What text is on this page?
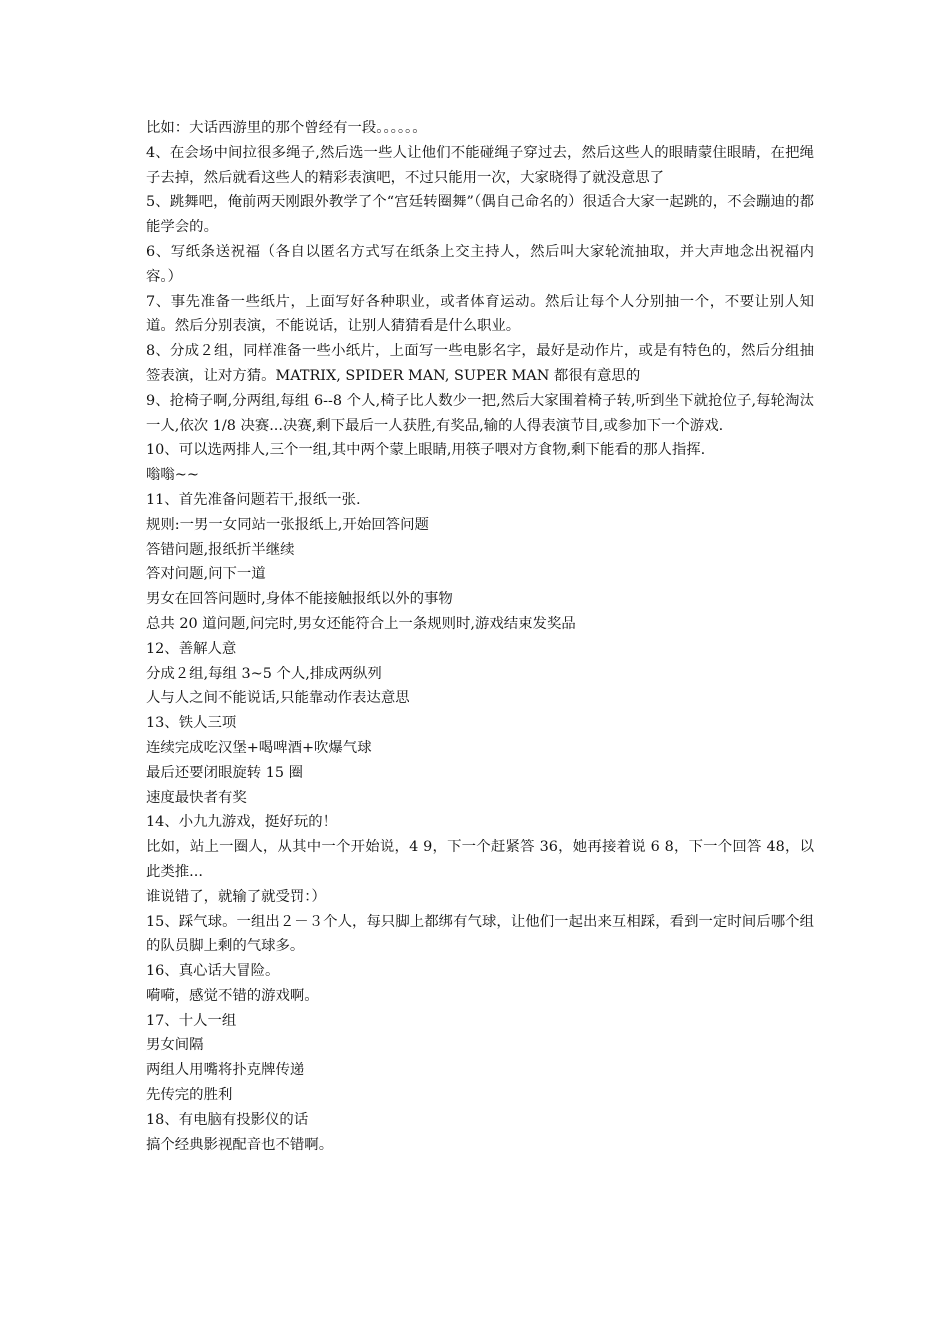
比如：大话西游里的那个曾经有一段。。。。。。

4、在会场中间拉很多绳子,然后选一些人让他们不能碰绳子穿过去，然后这些人的眼睛蒙住眼睛，在把绳子去掉，然后就看这些人的精彩表演吧，不过只能用一次，大家晓得了就没意思了

5、跳舞吧，俺前两天刚跟外教学了个“宫廷转圈舞”（偶自己命名的）很适合大家一起跳的，不会蹦迪的都能学会的。

6、写纸条送祝福（各自以匿名方式写在纸条上交主持人，然后叫大家轮流抽取，并大声地念出祝福内容。）

7、事先准备一些纸片，上面写好各种职业，或者体育运动。然后让每个人分别抽一个，不要让别人知道。然后分别表演，不能说话，让别人猜猜看是什么职业。

8、分成２组，同样准备一些小纸片，上面写一些电影名字，最好是动作片，或是有特色的，然后分组抽签表演，让对方猜。MATRIX, SPIDER MAN, SUPER MAN 都很有意思的

9、抢椅子啊,分两组,每组 6--8 个人,椅子比人数少一把,然后大家围着椅子转,听到坐下就抢位子,每轮淘汰一人,依次 1/8 决赛...决赛,剩下最后一人获胜,有奖品,输的人得表演节目,或参加下一个游戏.

10、可以选两排人,三个一组,其中两个蒙上眼睛,用筷子喂对方食物,剩下能看的那人指挥.

嗡嗡~~

11、首先准备问题若干,报纸一张.

规则:一男一女同站一张报纸上,开始回答问题

答错问题,报纸折半继续

答对问题,问下一道

男女在回答问题时,身体不能接触报纸以外的事物

总共 20 道问题,问完时,男女还能符合上一条规则时,游戏结束发奖品

12、善解人意

分成２组,每组 3~5 个人,排成两纵列

人与人之间不能说话,只能靠动作表达意思

13、铁人三项

连续完成吃汉堡+喝啤酒+吹爆气球

最后还要闭眼旋转 15 圈

速度最快者有奖

14、小九九游戏，挺好玩的！

比如，站上一圈人，从其中一个开始说，4 9，下一个赶紧答 36，她再接着说 6 8，下一个回答 48，以此类推...

谁说错了，就输了就受罚：）

15、踩气球。一组出２－３个人，每只脚上都绑有气球，让他们一起出来互相踩，看到一定时间后哪个组的队员脚上剩的气球多。

16、真心话大冒险。

嗬嗬，感觉不错的游戏啊。

17、十人一组

男女间隔

两组人用嘴将扑克牌传递

先传完的胜利

18、有电脑有投影仪的话

搞个经典影视配音也不错啊。
